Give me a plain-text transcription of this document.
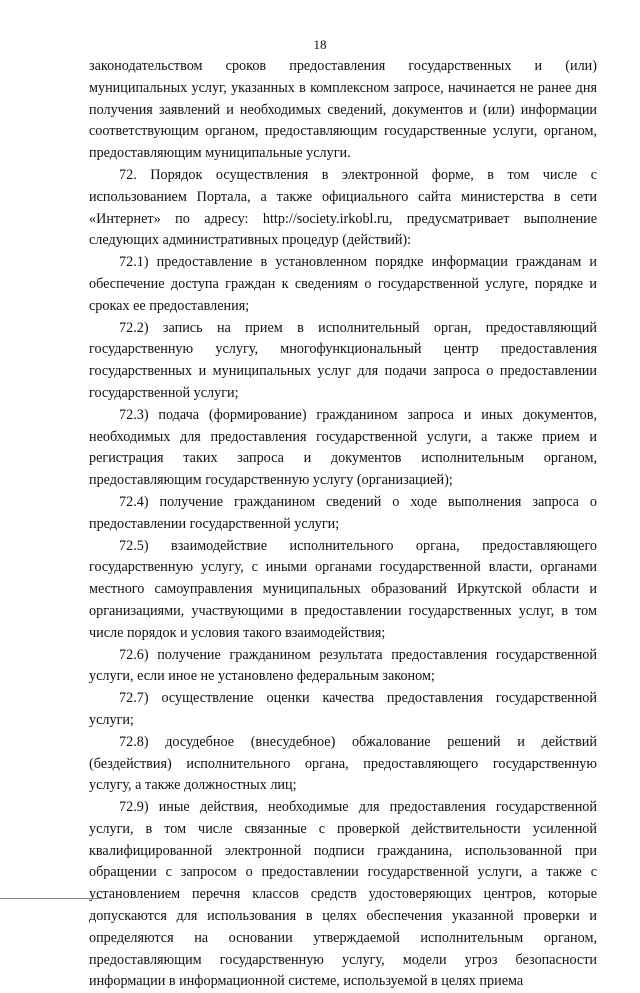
18

законодательством сроков предоставления государственных и (или) муниципальных услуг, указанных в комплексном запросе, начинается не ранее дня получения заявлений и необходимых сведений, документов и (или) информации соответствующим органом, предоставляющим государственные услуги, органом, предоставляющим муниципальные услуги.

72. Порядок осуществления в электронной форме, в том числе с использованием Портала, а также официального сайта министерства в сети «Интернет» по адресу: http://society.irkobl.ru, предусматривает выполнение следующих административных процедур (действий):

72.1) предоставление в установленном порядке информации гражданам и обеспечение доступа граждан к сведениям о государственной услуге, порядке и сроках ее предоставления;

72.2) запись на прием в исполнительный орган, предоставляющий государственную услугу, многофункциональный центр предоставления государственных и муниципальных услуг для подачи запроса о предоставлении государственной услуги;

72.3) подача (формирование) гражданином запроса и иных документов, необходимых для предоставления государственной услуги, а также прием и регистрация таких запроса и документов исполнительным органом, предоставляющим государственную услугу (организацией);

72.4) получение гражданином сведений о ходе выполнения запроса о предоставлении государственной услуги;

72.5) взаимодействие исполнительного органа, предоставляющего государственную услугу, с иными органами государственной власти, органами местного самоуправления муниципальных образований Иркутской области и организациями, участвующими в предоставлении государственных услуг, в том числе порядок и условия такого взаимодействия;

72.6) получение гражданином результата предоставления государственной услуги, если иное не установлено федеральным законом;

72.7) осуществление оценки качества предоставления государственной услуги;

72.8) досудебное (внесудебное) обжалование решений и действий (бездействия) исполнительного органа, предоставляющего государственную услугу, а также должностных лиц;

72.9) иные действия, необходимые для предоставления государственной услуги, в том числе связанные с проверкой действительности усиленной квалифицированной электронной подписи гражданина, использованной при обращении с запросом о предоставлении государственной услуги, а также с установлением перечня классов средств удостоверяющих центров, которые допускаются для использования в целях обеспечения указанной проверки и определяются на основании утверждаемой исполнительным органом, предоставляющим государственную услугу, модели угроз безопасности информации в информационной системе, используемой в целях приема
